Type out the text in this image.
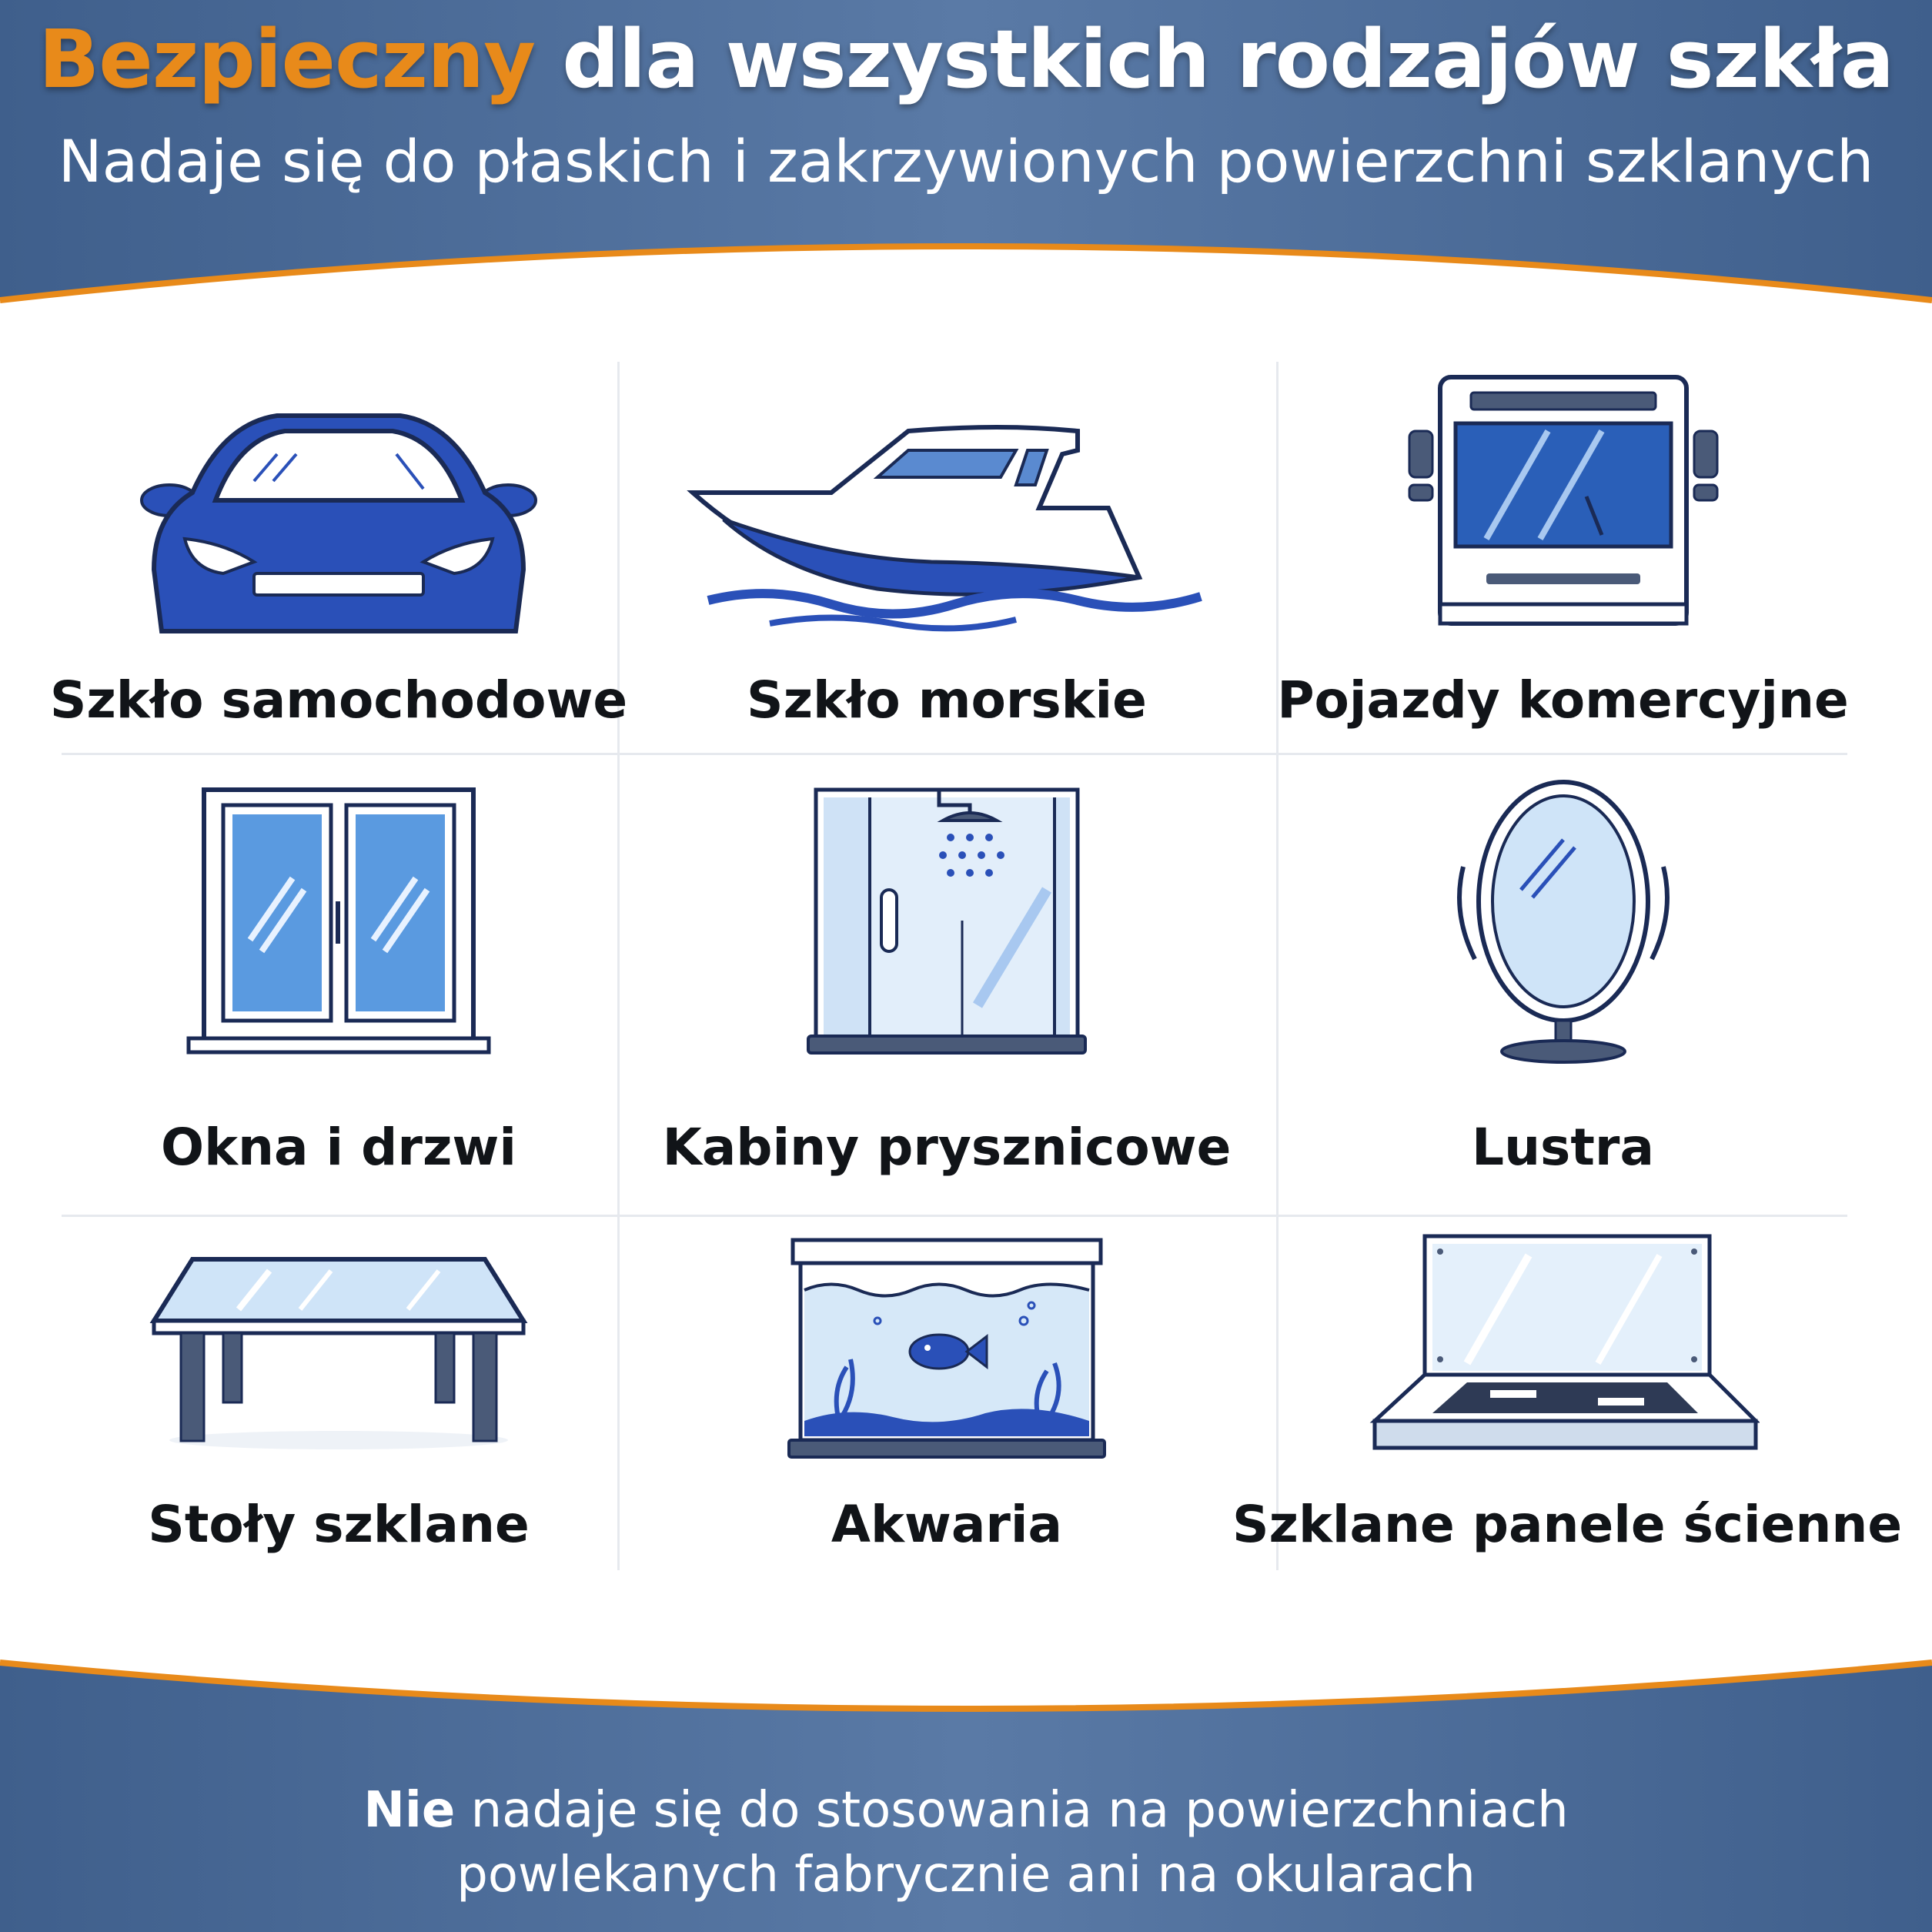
Bezpieczny dla wszystkich rodzajów szkła
Nadaje się do płaskich i zakrzywionych powierzchni szklanych
Szkło samochodowe	Szkło morskie	Pojazdy komercyjne
Okna i drzwi	Kabiny prysznicowe	Lustra
Stoły szklane	Akwaria	Szklane panele ścienne
Nie nadaje się do stosowania na powierzchniach
powlekanych fabrycznie ani na okularach
